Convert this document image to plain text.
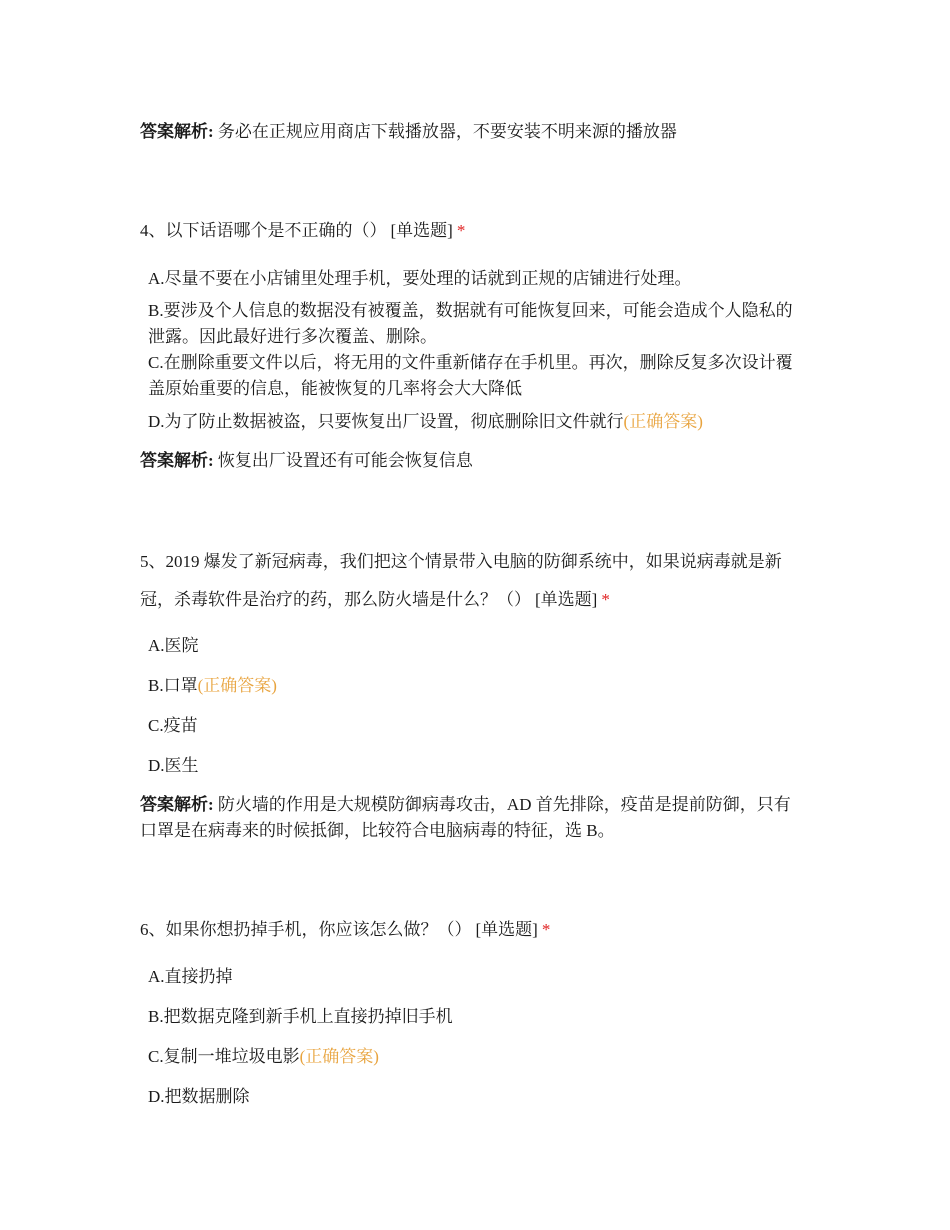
答案解析: 务必在正规应用商店下载播放器，不要安装不明来源的播放器
4、以下话语哪个是不正确的（） [单选题] *
A.尽量不要在小店铺里处理手机，要处理的话就到正规的店铺进行处理。
B.要涉及个人信息的数据没有被覆盖，数据就有可能恢复回来，可能会造成个人隐私的泄露。因此最好进行多次覆盖、删除。
C.在删除重要文件以后，将无用的文件重新储存在手机里。再次，删除反复多次设计覆盖原始重要的信息，能被恢复的几率将会大大降低
D.为了防止数据被盗，只要恢复出厂设置，彻底删除旧文件就行(正确答案)
答案解析: 恢复出厂设置还有可能会恢复信息
5、2019 爆发了新冠病毒，我们把这个情景带入电脑的防御系统中，如果说病毒就是新冠，杀毒软件是治疗的药，那么防火墙是什么？（） [单选题] *
A.医院
B.口罩(正确答案)
C.疫苗
D.医生
答案解析: 防火墙的作用是大规模防御病毒攻击，AD 首先排除，疫苗是提前防御，只有口罩是在病毒来的时候抵御，比较符合电脑病毒的特征，选 B。
6、如果你想扔掉手机，你应该怎么做？（） [单选题] *
A.直接扔掉
B.把数据克隆到新手机上直接扔掉旧手机
C.复制一堆垃圾电影(正确答案)
D.把数据删除
